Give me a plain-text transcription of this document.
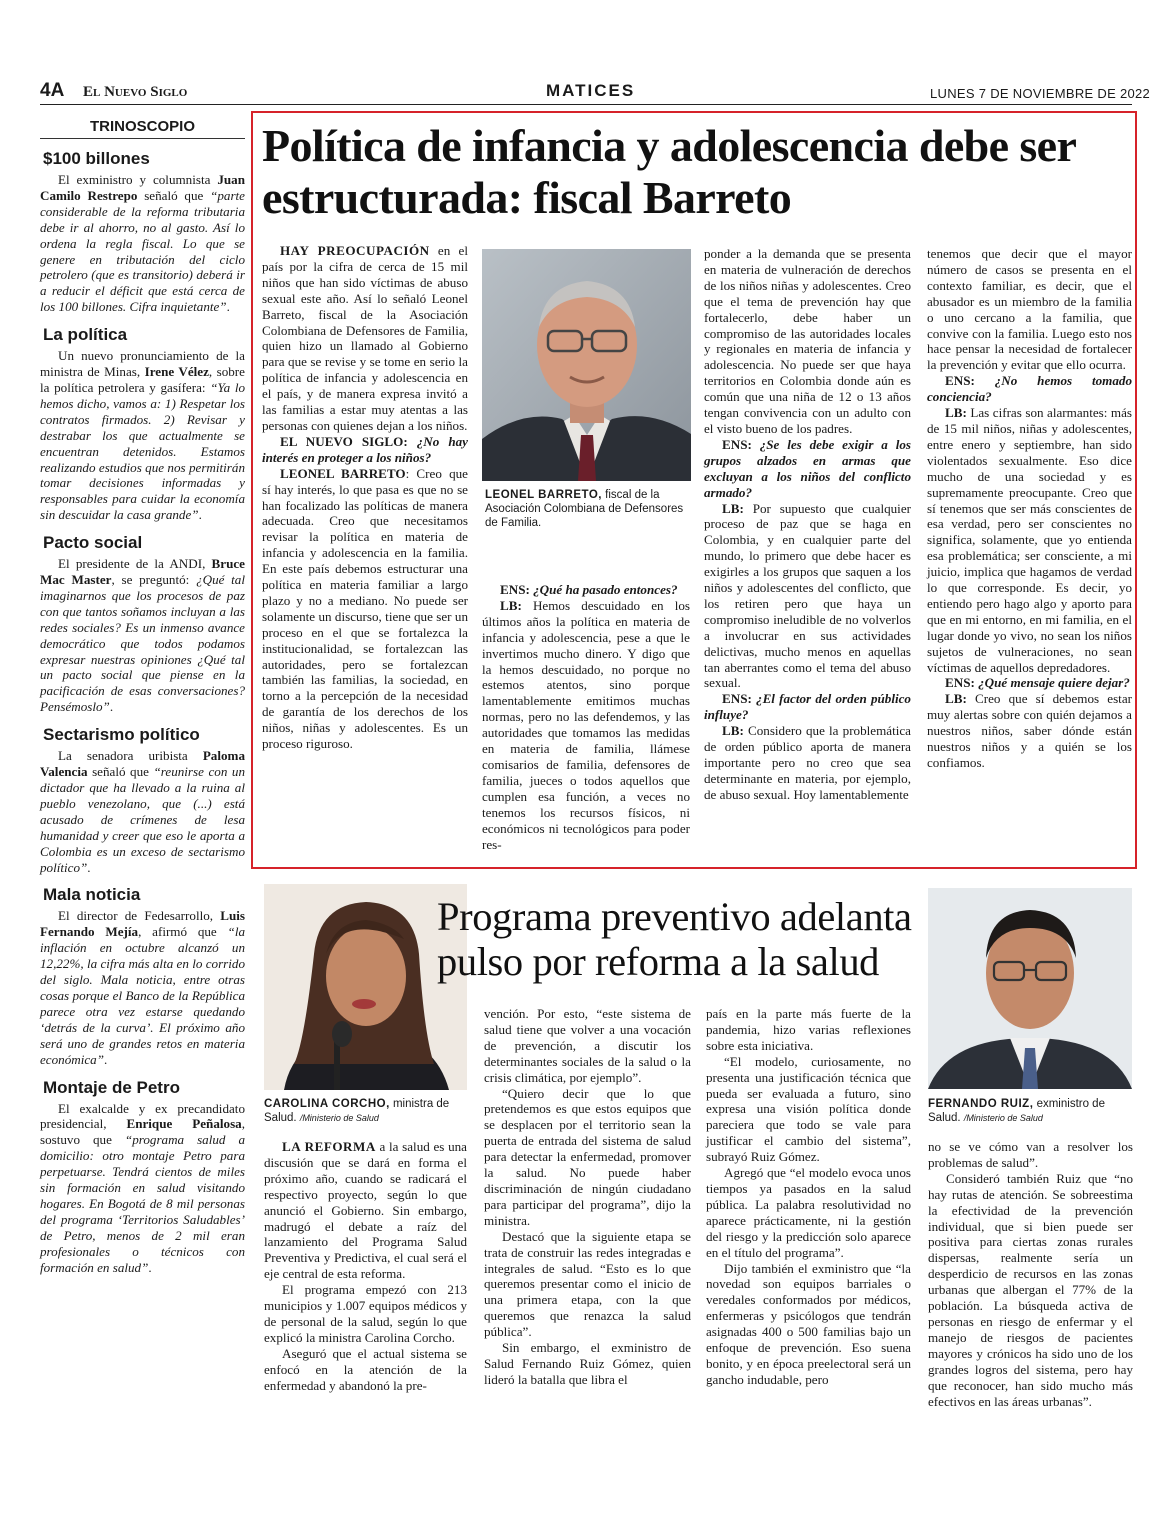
4A El Nuevo Siglo	MATICES	LUNES 7 DE NOVIEMBRE DE 2022
TRINOSCOPIO
$100 billones
El exministro y columnista Juan Camilo Restrepo señaló que “parte considerable de la reforma tributaria debe ir al ahorro, no al gasto. Así lo ordena la regla fiscal. Lo que se genere en tributación del ciclo petrolero (que es transitorio) deberá ir a reducir el déficit que está cerca de los 100 billones. Cifra inquietante”.
La política
Un nuevo pronunciamiento de la ministra de Minas, Irene Vélez, sobre la política petrolera y gasífera: “Ya lo hemos dicho, vamos a: 1) Respetar los contratos firmados. 2) Revisar y destrabar los que actualmente se encuentran detenidos. Estamos realizando estudios que nos permitirán tomar decisiones informadas y responsables para cuidar la economía sin descuidar la casa grande”.
Pacto social
El presidente de la ANDI, Bruce Mac Master, se preguntó: ¿Qué tal imaginarnos que los procesos de paz con que tantos soñamos incluyan a las redes sociales? Es un inmenso avance democrático que todos podamos expresar nuestras opiniones ¿Qué tal un pacto social que piense en la pacificación de esas conversaciones? Pensémoslo”.
Sectarismo político
La senadora uribista Paloma Valencia señaló que “reunirse con un dictador que ha llevado a la ruina al pueblo venezolano, que (...) está acusado de crímenes de lesa humanidad y creer que eso le aporta a Colombia es un exceso de sectarismo político”.
Mala noticia
El director de Fedesarrollo, Luis Fernando Mejía, afirmó que “la inflación en octubre alcanzó un 12,22%, la cifra más alta en lo corrido del siglo. Mala noticia, entre otras cosas porque el Banco de la República parece otra vez estarse quedando ‘detrás de la curva’. El próximo año será uno de grandes retos en materia económica”.
Montaje de Petro
El exalcalde y ex precandidato presidencial, Enrique Peñalosa, sostuvo que “programa salud a domicilio: otro montaje Petro para perpetuarse. Tendrá cientos de miles sin formación en salud visitando hogares. En Bogotá de 8 mil personas del programa ‘Territorios Saludables’ de Petro, menos de 2 mil eran profesionales o técnicos con formación en salud”.
Política de infancia y adolescencia debe ser estructurada: fiscal Barreto

HAY PREOCUPACIÓN en el país por la cifra de cerca de 15 mil niños que han sido víctimas de abuso sexual este año. Así lo señaló Leonel Barreto, fiscal de la Asociación Colombiana de Defensores de Familia, quien hizo un llamado al Gobierno para que se revise y se tome en serio la política de infancia y adolescencia en el país, y de manera expresa invitó a las familias a estar muy atentas a las personas con quienes dejan a los niños.

EL NUEVO SIGLO: ¿No hay interés en proteger a los niños?

LEONEL BARRETO: Creo que sí hay interés, lo que pasa es que no se han focalizado las políticas de manera adecuada. Creo que necesitamos revisar la política en materia de infancia y adolescencia en la familia. En este país debemos estructurar una política en materia familiar a largo plazo y no a mediano. No puede ser solamente un discurso, tiene que ser un proceso en el que se fortalezca la institucionalidad, se fortalezcan las autoridades, pero se fortalezcan también las familias, la sociedad, en torno a la percepción de la necesidad de garantía de los derechos de los niños, niñas y adolescentes. Es un proceso riguroso.

LEONEL BARRETO, fiscal de la Asociación Colombiana de Defensores de Familia.

ENS: ¿Qué ha pasado entonces?

LB: Hemos descuidado en los últimos años la política en materia de infancia y adolescencia, pese a que le invertimos mucho dinero. Y digo que la hemos descuidado, no porque no estemos atentos, sino porque lamentablemente emitimos muchas normas, pero no las defendemos, y las autoridades que tomamos las medidas en materia de familia, llámese comisarios de familia, defensores de familia, jueces o todos aquellos que cumplen esa función, a veces no tenemos los recursos físicos, ni económicos ni tecnológicos para poder res-

ponder a la demanda que se presenta en materia de vulneración de derechos de los niños niñas y adolescentes. Creo que el tema de prevención hay que fortalecerlo, debe haber un compromiso de las autoridades locales y regionales en materia de infancia y adolescencia. No puede ser que haya territorios en Colombia donde aún es común que una niña de 12 o 13 años tengan convivencia con un adulto con el visto bueno de los padres.

ENS: ¿Se les debe exigir a los grupos alzados en armas que excluyan a los niños del conflicto armado?

LB: Por supuesto que cualquier proceso de paz que se haga en Colombia, y en cualquier parte del mundo, lo primero que debe hacer es exigirles a los grupos que saquen a los niños y adolescentes del conflicto, que los retiren pero que haya un compromiso ineludible de no volverlos a involucrar en sus actividades delictivas, mucho menos en aquellas tan aberrantes como el tema del abuso sexual.

ENS: ¿El factor del orden público influye?

LB: Considero que la problemática de orden público aporta de manera importante pero no creo que sea determinante en materia, por ejemplo, de abuso sexual. Hoy lamentablemente

tenemos que decir que el mayor número de casos se presenta en el contexto familiar, es decir, que el abusador es un miembro de la familia o uno cercano a la familia, que convive con la familia. Luego esto nos hace pensar la necesidad de fortalecer la prevención y evitar que ello ocurra.

ENS: ¿No hemos tomado conciencia?

LB: Las cifras son alarmantes: más de 15 mil niños, niñas y adolescentes, entre enero y septiembre, han sido violentados sexualmente. Eso dice mucho de una sociedad y es supremamente preocupante. Creo que sí tenemos que ser más conscientes de esa verdad, pero ser conscientes no significa, solamente, que yo entienda esa problemática; ser consciente, a mi juicio, implica que hagamos de verdad lo que corresponde. Es decir, yo entiendo pero hago algo y aporto para que en mi entorno, en mi familia, en el lugar donde yo vivo, no sean los niños sujetos de vulneraciones, no sean víctimas de aquellos depredadores.

ENS: ¿Qué mensaje quiere dejar?

LB: Creo que sí debemos estar muy alertas sobre con quién dejamos a nuestros niños, saber dónde están nuestros niños y a quién se los confiamos.

CAROLINA CORCHO, ministra de Salud. /Ministerio de Salud
Programa preventivo adelanta pulso por reforma a la salud
FERNANDO RUIZ, exministro de Salud. /Ministerio de Salud

LA REFORMA a la salud es una discusión que se dará en forma el próximo año, cuando se radicará el respectivo proyecto, según lo que anunció el Gobierno. Sin embargo, madrugó el debate a raíz del lanzamiento del Programa Salud Preventiva y Predictiva, el cual será el eje central de esta reforma.

El programa empezó con 213 municipios y 1.007 equipos médicos y de personal de la salud, según lo que explicó la ministra Carolina Corcho.

Aseguró que el actual sistema se enfocó en la atención de la enfermedad y abandonó la pre-

vención. Por esto, “este sistema de salud tiene que volver a una vocación de prevención, a discutir los determinantes sociales de la salud o la crisis climática, por ejemplo”.

“Quiero decir que lo que pretendemos es que estos equipos que se desplacen por el territorio sean la puerta de entrada del sistema de salud para detectar la enfermedad, promover la salud. No puede haber discriminación de ningún ciudadano para participar del programa”, dijo la ministra.

Destacó que la siguiente etapa se trata de construir las redes integradas e integrales de salud. “Esto es lo que queremos presentar como el inicio de una primera etapa, con la que queremos que renazca la salud pública”.

Sin embargo, el exministro de Salud Fernando Ruiz Gómez, quien lideró la batalla que libra el

país en la parte más fuerte de la pandemia, hizo varias reflexiones sobre esta iniciativa.

“El modelo, curiosamente, no presenta una justificación técnica que pueda ser evaluada a futuro, sino expresa una visión política donde pareciera que todo se vale para justificar el cambio del sistema”, subrayó Ruiz Gómez.

Agregó que “el modelo evoca unos tiempos ya pasados en la salud pública. La palabra resolutividad no aparece prácticamente, ni la gestión del riesgo y la predicción solo aparece en el título del programa”.

Dijo también el exministro que “la novedad son equipos barriales o veredales conformados por médicos, enfermeras y psicólogos que tendrán asignadas 400 o 500 familias bajo un enfoque de prevención. Eso suena bonito, y en época preelectoral será un gancho indudable, pero

no se ve cómo van a resolver los problemas de salud”.

Consideró también Ruiz que “no hay rutas de atención. Se sobreestima la efectividad de la prevención individual, que si bien puede ser positiva para ciertas zonas rurales dispersas, realmente sería un desperdicio de recursos en las zonas urbanas que albergan el 77% de la población. La búsqueda activa de personas en riesgo de enfermar y el manejo de riesgos de pacientes mayores y crónicos ha sido uno de los grandes logros del sistema, pero hay que reconocer, han sido mucho más efectivos en las áreas urbanas”.
